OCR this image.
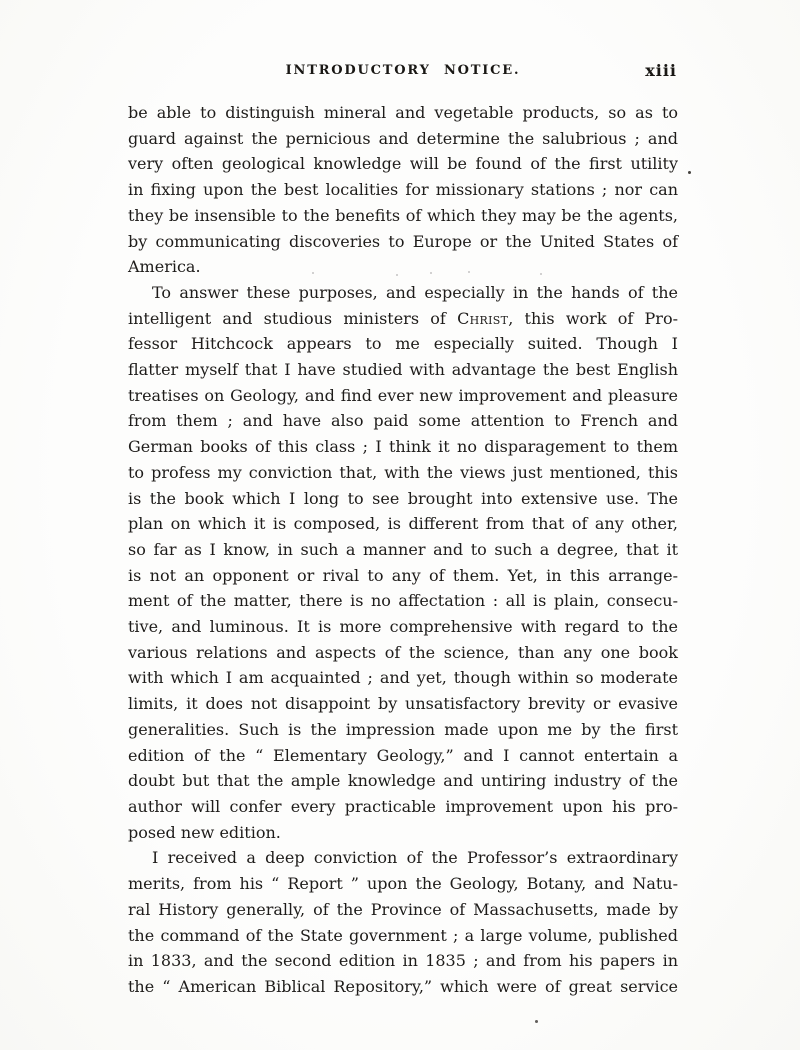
INTRODUCTORY NOTICE.	xiii
be able to distinguish mineral and vegetable products, so as to
guard against the pernicious and determine the salubrious ; and
very often geological knowledge will be found of the first utility
in fixing upon the best localities for missionary stations ; nor can
they be insensible to the benefits of which they may be the agents,
by communicating discoveries to Europe or the United States of
America.
To answer these purposes, and especially in the hands of the
intelligent and studious ministers of Christ, this work of Pro-
fessor Hitchcock appears to me especially suited. Though I
flatter myself that I have studied with advantage the best English
treatises on Geology, and find ever new improvement and pleasure
from them ; and have also paid some attention to French and
German books of this class ; I think it no disparagement to them
to profess my conviction that, with the views just mentioned, this
is the book which I long to see brought into extensive use. The
plan on which it is composed, is different from that of any other,
so far as I know, in such a manner and to such a degree, that it
is not an opponent or rival to any of them. Yet, in this arrange-
ment of the matter, there is no affectation : all is plain, consecu-
tive, and luminous. It is more comprehensive with regard to the
various relations and aspects of the science, than any one book
with which I am acquainted ; and yet, though within so moderate
limits, it does not disappoint by unsatisfactory brevity or evasive
generalities. Such is the impression made upon me by the first
edition of the “ Elementary Geology,” and I cannot entertain a
doubt but that the ample knowledge and untiring industry of the
author will confer every practicable improvement upon his pro-
posed new edition.
I received a deep conviction of the Professor’s extraordinary
merits, from his “ Report ” upon the Geology, Botany, and Natu-
ral History generally, of the Province of Massachusetts, made by
the command of the State government ; a large volume, published
in 1833, and the second edition in 1835 ; and from his papers in
the “ American Biblical Repository,” which were of great service
